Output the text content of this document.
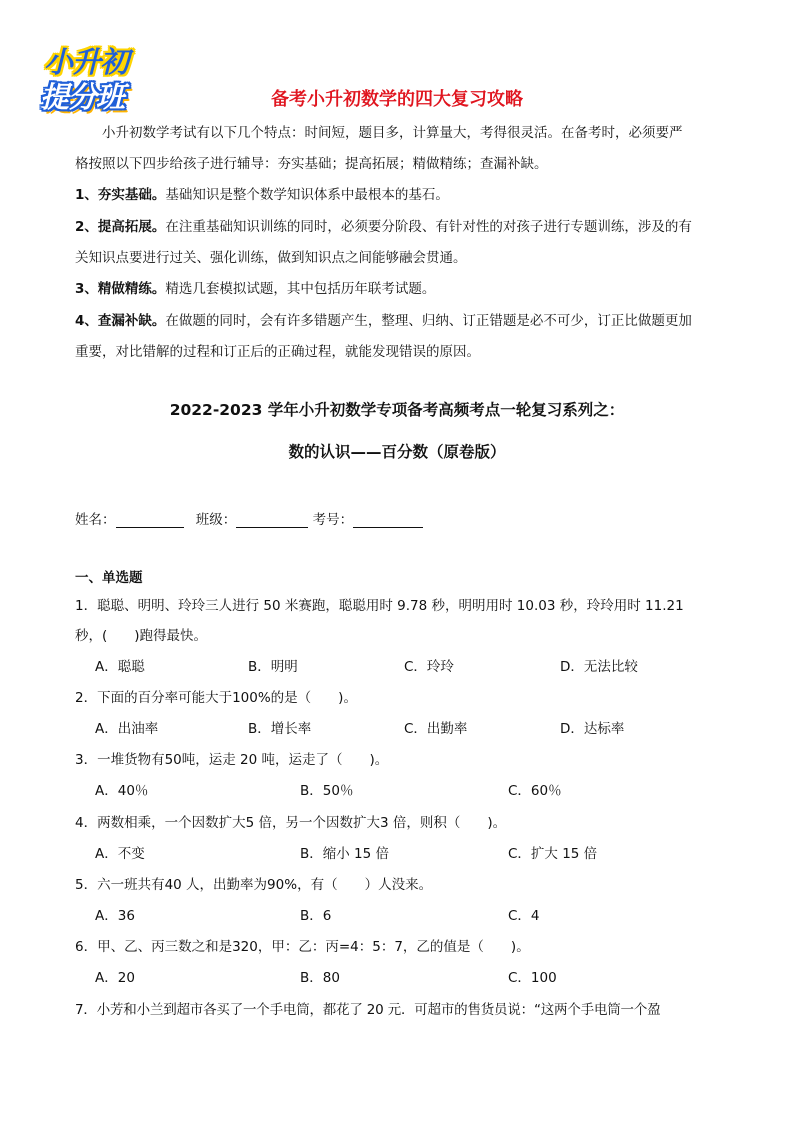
小升初
提分班	备考小升初数学的四大复习攻略
小升初数学考试有以下几个特点：时间短，题目多，计算量大，考得很灵活。在备考时，必须要严
格按照以下四步给孩子进行辅导：夯实基础；提高拓展；精做精练；查漏补缺。
1、夯实基础。基础知识是整个数学知识体系中最根本的基石。
2、提高拓展。在注重基础知识训练的同时，必须要分阶段、有针对性的对孩子进行专题训练，涉及的有
关知识点要进行过关、强化训练，做到知识点之间能够融会贯通。
3、精做精练。精选几套模拟试题，其中包括历年联考试题。
4、查漏补缺。在做题的同时，会有许多错题产生，整理、归纳、订正错题是必不可少，订正比做题更加
重要，对比错解的过程和订正后的正确过程，就能发现错误的原因。
2022-2023 学年小升初数学专项备考高频考点一轮复习系列之：
数的认识——百分数（原卷版）
姓名：	班级：	考号：
一、单选题
1．聪聪、明明、玲玲三人进行 50 米赛跑，聪聪用时 9.78 秒，明明用时 10.03 秒，玲玲用时 11.21
秒，(　　)跑得最快。
A．聪聪	B．明明	C．玲玲	D．无法比较
2．下面的百分率可能大于100%的是（　　)。
A．出油率	B．增长率	C．出勤率	D．达标率
3．一堆货物有50吨，运走 20 吨，运走了（　　)。
A．40％	B．50％	C．60％
4．两数相乘，一个因数扩大5 倍，另一个因数扩大3 倍，则积（　　)。
A．不变	B．缩小 15 倍	C．扩大 15 倍
5．六一班共有40 人，出勤率为90%，有（　　）人没来。
A．36	B．6	C．4
6．甲、乙、丙三数之和是320，甲：乙：丙=4：5：7，乙的值是（　　)。
A．20	B．80	C．100
7．小芳和小兰到超市各买了一个手电筒，都花了 20 元．可超市的售货员说：“这两个手电筒一个盈
